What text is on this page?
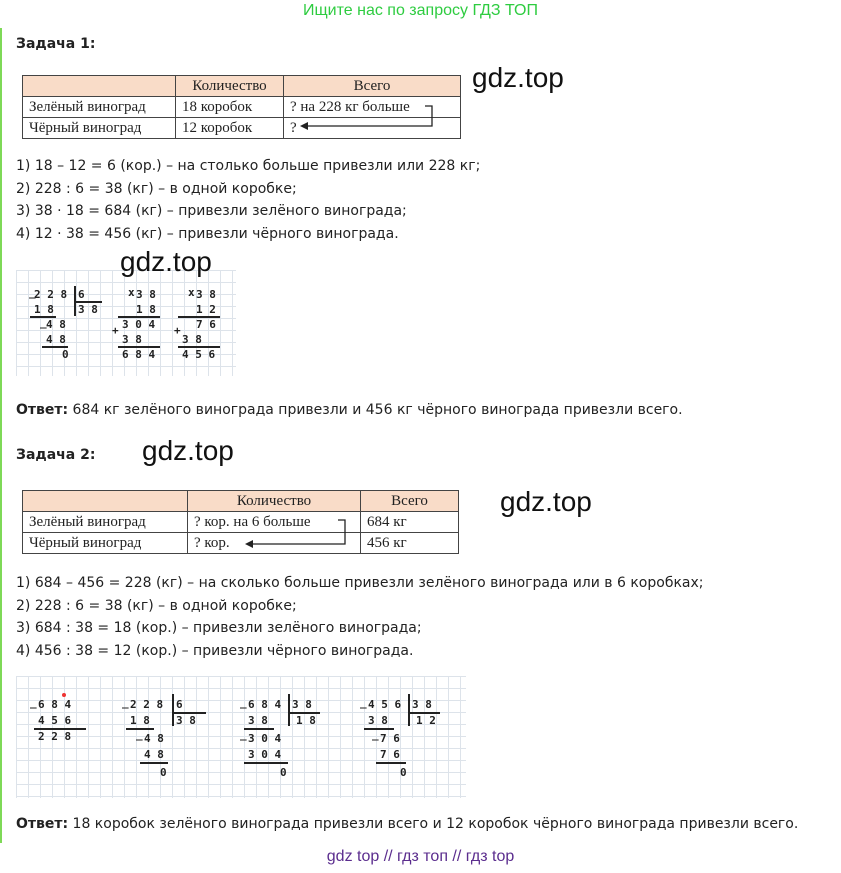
Ищите нас по запросу ГДЗ ТОП
Задача 1:
	Количество	Всего
Зелёный виноград	18 коробок	? на 228 кг больше
Чёрный виноград	12 коробок	?
gdz.top
1) 18 – 12 = 6 (кор.) – на столько больше привезли или 228 кг;
2) 228 : 6 = 38 (кг) – в одной коробке;
3) 38 · 18 = 684 (кг) – привезли зелёного винограда;
4) 12 · 38 = 456 (кг) – привезли чёрного винограда.
2 2 8
_	6
3 8
1 8
4 8
_
4 8
0
x 3 8
1 8
3 0 4
+
3 8
6 8 4
x 3 8
1 2
7 6
+
3 8
4 5 6
gdz.top
Ответ: 684 кг зелёного винограда привезли и 456 кг чёрного винограда привезли всего.
Задача 2: gdz.top
	Количество	Всего
Зелёный виноград	? кор. на 6 больше	684 кг
Чёрный виноград	? кор.	456 кг
gdz.top
1) 684 – 456 = 228 (кг) – на сколько больше привезли зелёного винограда или в 6 коробках;
2) 228 : 6 = 38 (кг) – в одной коробке;
3) 684 : 38 = 18 (кор.) – привезли зелёного винограда;
4) 456 : 38 = 12 (кор.) – привезли чёрного винограда.
_ 6 8 4
4 5 6
2 2 8
_ 2 2 8 6
3 8
1 8
_ 4 8
4 8
0
_ 6 8 4 3 8
1 8
3 8
_ 3 0 4
3 0 4
0
_ 4 5 6 3 8
1 2
3 8
_ 7 6
7 6
0
Ответ: 18 коробок зелёного винограда привезли всего и 12 коробок чёрного винограда привезли всего.
gdz top // гдз топ // гдз top
